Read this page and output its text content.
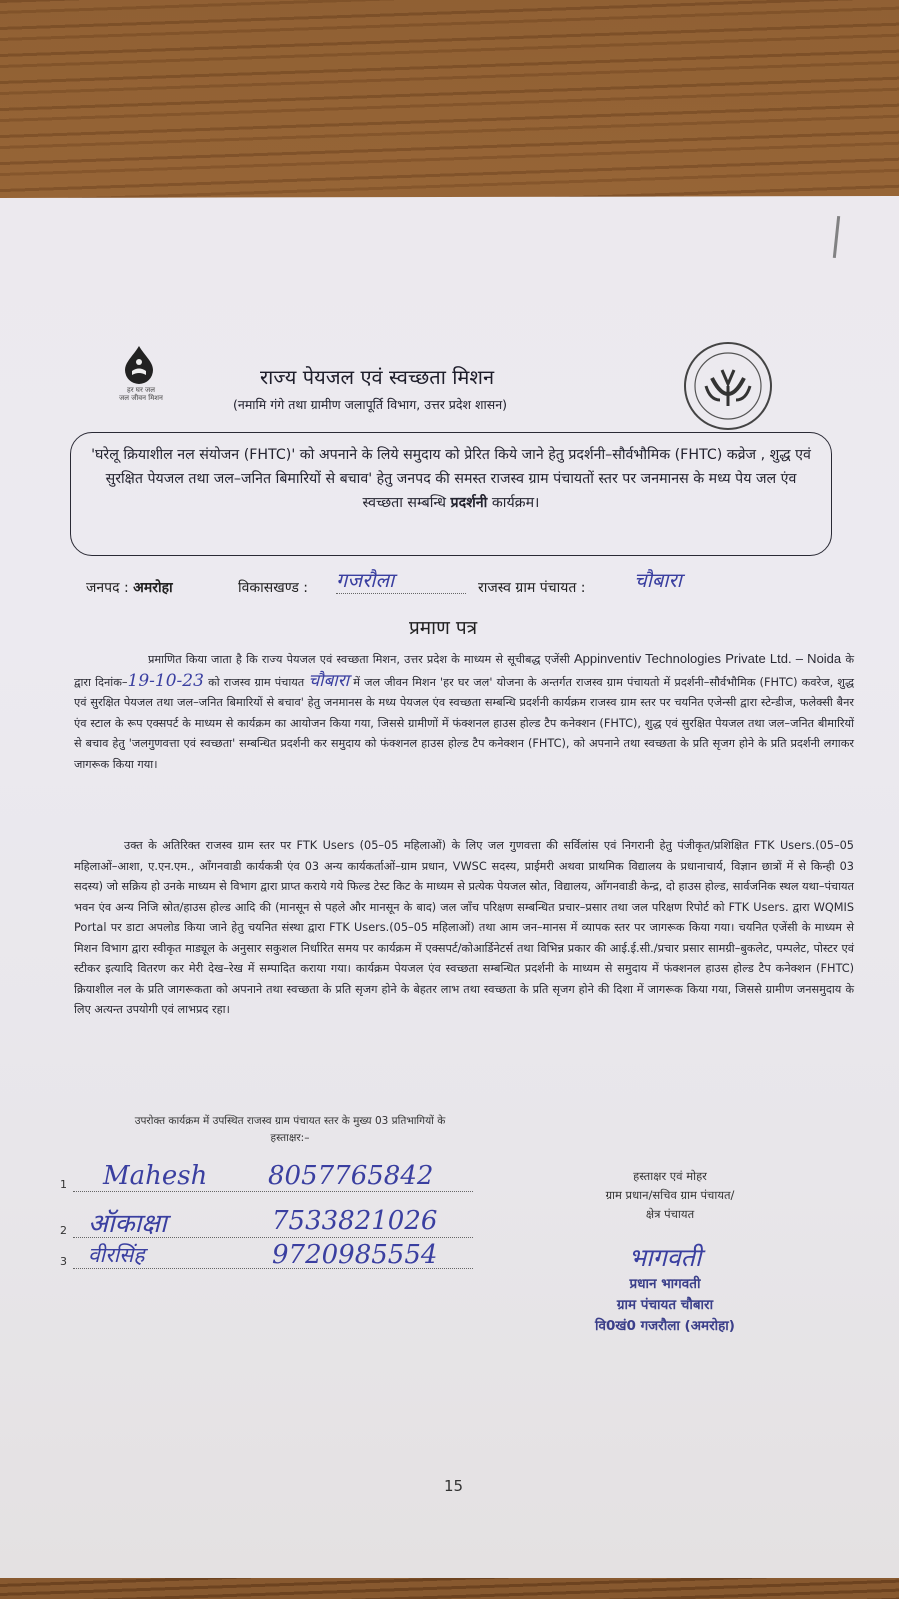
हर घर जल
जल जीवन मिशन
राज्य पेयजल एवं स्वच्छता मिशन
(नमामि गंगे तथा ग्रामीण जलापूर्ति विभाग, उत्तर प्रदेश शासन)
'घरेलू क्रियाशील नल संयोजन (FHTC)' को अपनाने के लिये समुदाय को प्रेरित किये जाने हेतु प्रदर्शनी–सौर्वभौमिक (FHTC) कव्रेज , शुद्ध एवं सुरक्षित पेयजल तथा जल–जनित बिमारियों से बचाव' हेतु जनपद की समस्त राजस्व ग्राम पंचायतों स्तर पर जनमानस के मध्य पेय जल एंव स्वच्छता सम्बन्धि प्रदर्शनी कार्यक्रम।
जनपद : अमरोहा	विकासखण्ड : गजरौला	राजस्व ग्राम पंचायत : चौबारा
प्रमाण पत्र
प्रमाणित किया जाता है कि राज्य पेयजल एवं स्वच्छता मिशन, उत्तर प्रदेश के माध्यम से सूचीबद्ध एजेंसी Appinventiv Technologies Private Ltd. – Noida के द्वारा दिनांक–19-10-23 को राजस्व ग्राम पंचायत चौबारा में जल जीवन मिशन 'हर घर जल' योजना के अन्तर्गत राजस्व ग्राम पंचायतो में प्रदर्शनी–सौर्वभौमिक (FHTC) कवरेज, शुद्ध एवं सुरक्षित पेयजल तथा जल–जनित बिमारियों से बचाव' हेतु जनमानस के मध्य पेयजल एंव स्वच्छता सम्बन्धि प्रदर्शनी कार्यक्रम राजस्व ग्राम स्तर पर चयनित एजेन्सी द्वारा स्टेन्डीज, फलेक्सी बैनर एंव स्टाल के रूप एक्सपर्ट के माध्यम से कार्यक्रम का आयोजन किया गया, जिससे ग्रामीणों में फंक्शनल हाउस होल्ड टैप कनेक्शन (FHTC), शुद्ध एवं सुरक्षित पेयजल तथा जल–जनित बीमारियों से बचाव हेतु 'जलगुणवत्ता एवं स्वच्छता' सम्बन्धित प्रदर्शनी कर समुदाय को फंक्शनल हाउस होल्ड टैप कनेक्शन (FHTC), को अपनाने तथा स्वच्छता के प्रति सृजग होने के प्रति प्रदर्शनी लगाकर जागरूक किया गया।
उक्त के अतिरिक्त राजस्व ग्राम स्तर पर FTK Users (05–05 महिलाओं) के लिए जल गुणवत्ता की सर्विलांस एवं निगरानी हेतु पंजीकृत/प्रशिक्षित FTK Users.(05–05 महिलाओं–आशा, ए.एन.एम., आँगनवाडी कार्यकत्री एंव 03 अन्य कार्यकर्ताओं–ग्राम प्रधान, VWSC सदस्य, प्राईमरी अथवा प्राथमिक विद्यालय के प्रधानाचार्य, विज्ञान छात्रों में से किन्ही 03 सदस्य) जो सक्रिय हो उनके माध्यम से विभाग द्वारा प्राप्त कराये गये फिल्ड टेस्ट किट के माध्यम से प्रत्येक पेयजल स्रोत, विद्यालय, आँगनवाडी केन्द्र, दो हाउस होल्ड, सार्वजनिक स्थल यथा–पंचायत भवन एंव अन्य निजि स्रोत/हाउस होल्ड आदि की (मानसून से पहले और मानसून के बाद) जल जाँच परिक्षण सम्बन्धित प्रचार–प्रसार तथा जल परिक्षण रिपोर्ट को FTK Users. द्वारा WQMIS Portal पर डाटा अपलोड किया जाने हेतु चयनित संस्था द्वारा FTK Users.(05–05 महिलाओं) तथा आम जन–मानस में व्यापक स्तर पर जागरूक किया गया। चयनित एजेंसी के माध्यम से मिशन विभाग द्वारा स्वीकृत माड्यूल के अनुसार सकुशल निर्धारित समय पर कार्यक्रम में एक्सपर्ट/कोआर्डिनेटर्स तथा विभिन्न प्रकार की आई.ई.सी./प्रचार प्रसार सामग्री–बुकलेट, पम्पलेट, पोस्टर एवं स्टीकर इत्यादि वितरण कर मेरी देख–रेख में सम्पादित कराया गया। कार्यक्रम पेयजल एंव स्वच्छता सम्बन्धित प्रदर्शनी के माध्यम से समुदाय में फंक्शनल हाउस होल्ड टैप कनेक्शन (FHTC) क्रियाशील नल के प्रति जागरूकता को अपनाने तथा स्वच्छता के प्रति सृजग होने के बेहतर लाभ तथा स्वच्छता के प्रति सृजग होने की दिशा में जागरूक किया गया, जिससे ग्रामीण जनसमुदाय के लिए अत्यन्त उपयोगी एवं लाभप्रद रहा।
उपरोक्त कार्यक्रम में उपस्थित राजस्व ग्राम पंचायत स्तर के मुख्य 03 प्रतिभागियों के
हस्ताक्षर:–
1 Mahesh 8057765842
2 ऑकाक्षा	7533821026
3 वीरसिंह	9720985554
हस्ताक्षर एवं मोहर
ग्राम प्रधान/सचिव ग्राम पंचायत/
क्षेत्र पंचायत
भागवती
प्रधान भागवती
ग्राम पंचायत चौबारा
वि0खं0 गजरौला (अमरोहा)
15
